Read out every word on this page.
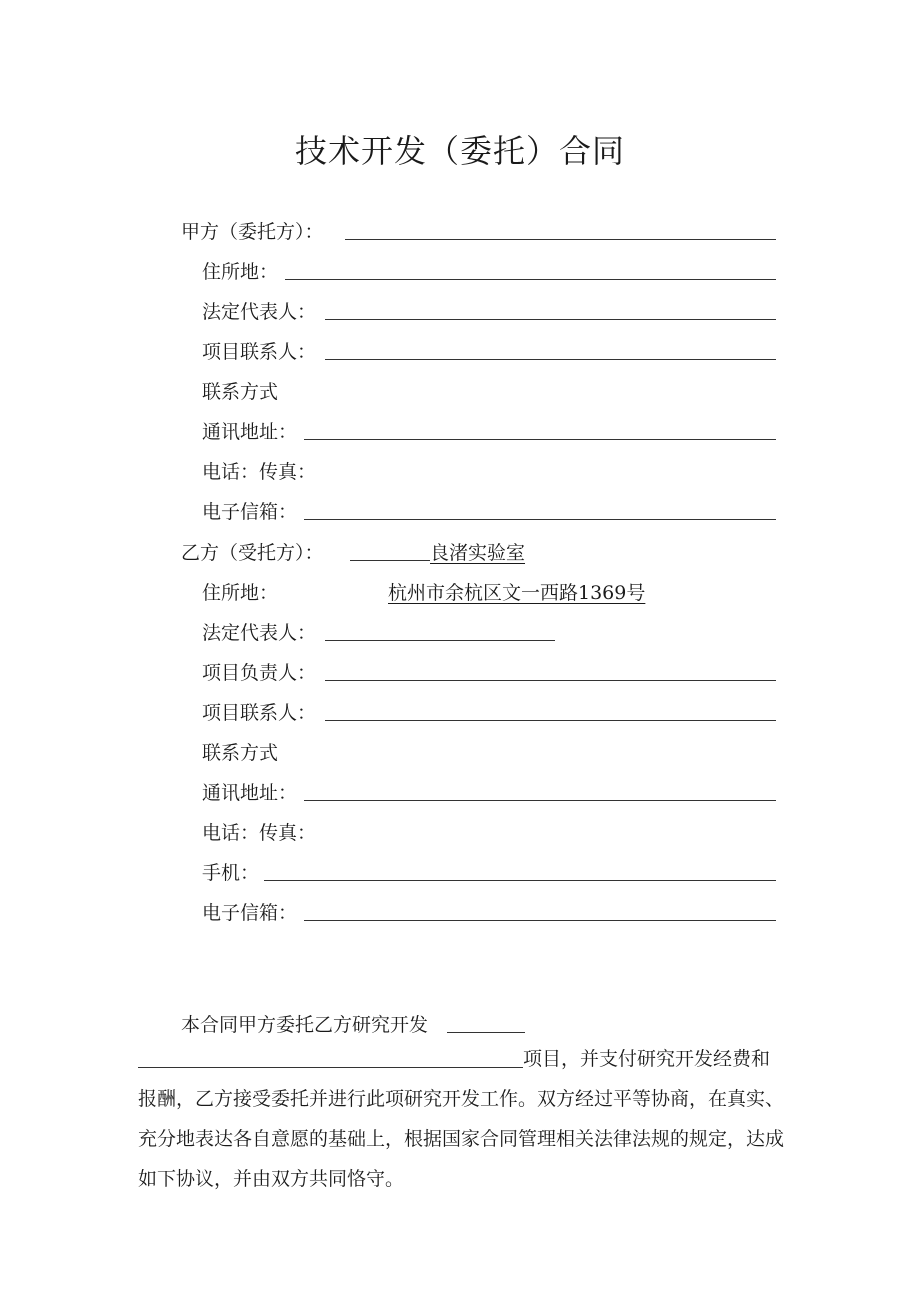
技术开发（委托）合同
甲方（委托方）：
住所地：
法定代表人：
项目联系人：
联系方式
通讯地址：
电话：传真：
电子信箱：
乙方（受托方）：	良渚实验室
住所地：	杭州市余杭区文一西路1369号
法定代表人：
项目负责人：
项目联系人：
联系方式
通讯地址：
电话：传真：
手机：
电子信箱：
本合同甲方委托乙方研究开发
项目，并支付研究开发经费和报酬，乙方接受委托并进行此项研究开发工作。双方经过平等协商，在真实、充分地表达各自意愿的基础上，根据国家合同管理相关法律法规的规定，达成如下协议，并由双方共同恪守。
